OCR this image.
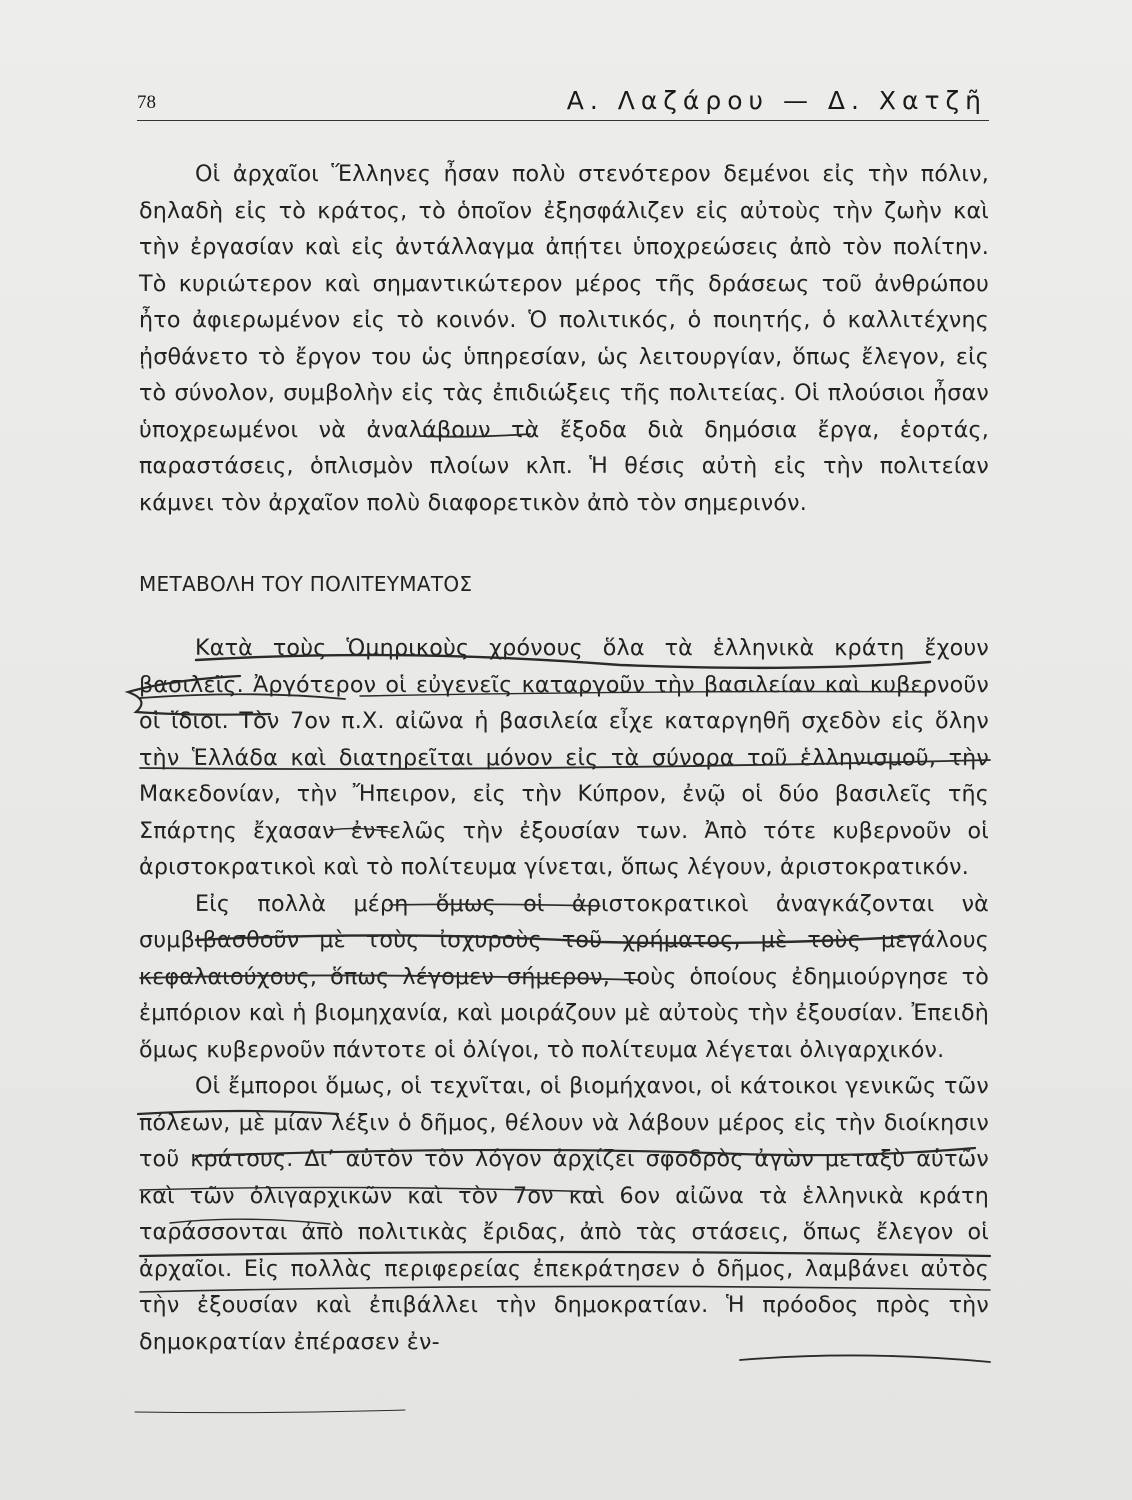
78	Α. Λαζάρου — Δ. Χατζῆ

Οἱ ἀρχαῖοι Ἕλληνες ἦσαν πολὺ στενότερον δεμένοι εἰς τὴν πόλιν, δηλαδὴ εἰς τὸ κράτος, τὸ ὁποῖον ἐξησφάλιζεν εἰς αὐτοὺς τὴν ζωὴν καὶ τὴν ἐργασίαν καὶ εἰς ἀντάλλαγμα ἀπῄτει ὑποχρεώσεις ἀπὸ τὸν πολίτην. Τὸ κυριώτερον καὶ σημαντικώτερον μέρος τῆς δράσεως τοῦ ἀνθρώπου ἦτο ἀφιερωμένον εἰς τὸ κοινόν. Ὁ πολιτικός, ὁ ποιητής, ὁ καλλιτέχνης ᾐσθάνετο τὸ ἔργον του ὡς ὑπηρεσίαν, ὡς λειτουργίαν, ὅπως ἔλεγον, εἰς τὸ σύνολον, συμβολὴν εἰς τὰς ἐπιδιώξεις τῆς πολιτείας. Οἱ πλούσιοι ἦσαν ὑποχρεωμένοι νὰ ἀναλάβουν τὰ ἔξοδα διὰ δημόσια ἔργα, ἑορτάς, παραστάσεις, ὁπλισμὸν πλοίων κλπ. Ἡ θέσις αὐτὴ εἰς τὴν πολιτείαν κάμνει τὸν ἀρχαῖον πολὺ διαφορετικὸν ἀπὸ τὸν σημερινόν.

ΜΕΤΑΒΟΛΗ ΤΟΥ ΠΟΛΙΤΕΥΜΑΤΟΣ

Κατὰ τοὺς Ὁμηρικοὺς χρόνους ὅλα τὰ ἑλληνικὰ κράτη ἔχουν βασιλεῖς. Ἀργότερον οἱ εὐγενεῖς καταργοῦν τὴν βασιλείαν καὶ κυβερνοῦν οἱ ἴδιοι. Τὸν 7ον π.Χ. αἰῶνα ἡ βασιλεία εἶχε καταργηθῆ σχεδὸν εἰς ὅλην τὴν Ἑλλάδα καὶ διατηρεῖται μόνον εἰς τὰ σύνορα τοῦ ἑλληνισμοῦ, τὴν Μακεδονίαν, τὴν Ἤπειρον, εἰς τὴν Κύπρον, ἐνῷ οἱ δύο βασιλεῖς τῆς Σπάρτης ἔχασαν ἐντελῶς τὴν ἐξουσίαν των. Ἀπὸ τότε κυβερνοῦν οἱ ἀριστοκρατικοὶ καὶ τὸ πολίτευμα γίνεται, ὅπως λέγουν, ἀριστοκρατικόν.

Εἰς πολλὰ μέρη ὅμως οἱ ἀριστοκρατικοὶ ἀναγκάζονται νὰ συμβιβασθοῦν μὲ τοὺς ἰσχυροὺς τοῦ χρήματος, μὲ τοὺς μεγάλους κεφαλαιούχους, ὅπως λέγομεν σήμερον, τοὺς ὁποίους ἐδημιούργησε τὸ ἐμπόριον καὶ ἡ βιομηχανία, καὶ μοιράζουν μὲ αὐτοὺς τὴν ἐξουσίαν. Ἐπειδὴ ὅμως κυβερνοῦν πάντοτε οἱ ὀλίγοι, τὸ πολίτευμα λέγεται ὀλιγαρχικόν.

Οἱ ἔμποροι ὅμως, οἱ τεχνῖται, οἱ βιομήχανοι, οἱ κάτοικοι γενικῶς τῶν πόλεων, μὲ μίαν λέξιν ὁ δῆμος, θέλουν νὰ λάβουν μέρος εἰς τὴν διοίκησιν τοῦ κράτους. Δι’ αὐτὸν τὸν λόγον ἀρχίζει σφοδρὸς ἀγὼν μεταξὺ αὐτῶν καὶ τῶν ὀλιγαρχικῶν καὶ τὸν 7ον καὶ 6ον αἰῶνα τὰ ἑλληνικὰ κράτη ταράσσονται ἀπὸ πολιτικὰς ἔριδας, ἀπὸ τὰς στάσεις, ὅπως ἔλεγον οἱ ἀρχαῖοι. Εἰς πολλὰς περιφερείας ἐπεκράτησεν ὁ δῆμος, λαμβάνει αὐτὸς τὴν ἐξουσίαν καὶ ἐπιβάλλει τὴν δημοκρατίαν. Ἡ πρόοδος πρὸς τὴν δημοκρατίαν ἐπέρασεν ἐν-
